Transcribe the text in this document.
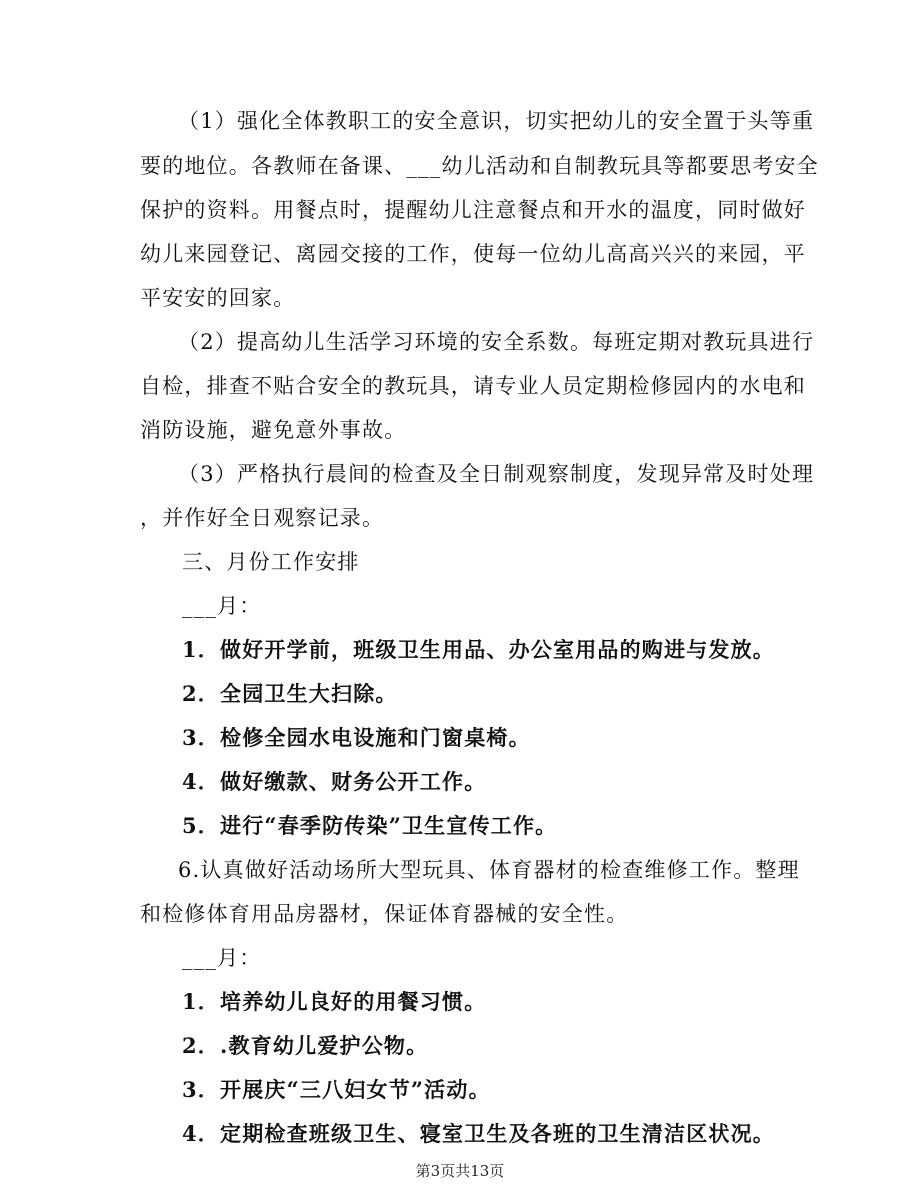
（1）强化全体教职工的安全意识，切实把幼儿的安全置于头等重
要的地位。各教师在备课、___幼儿活动和自制教玩具等都要思考安全
保护的资料。用餐点时，提醒幼儿注意餐点和开水的温度，同时做好
幼儿来园登记、离园交接的工作，使每一位幼儿高高兴兴的来园，平
平安安的回家。
（2）提高幼儿生活学习环境的安全系数。每班定期对教玩具进行
自检，排查不贴合安全的教玩具，请专业人员定期检修园内的水电和
消防设施，避免意外事故。
（3）严格执行晨间的检查及全日制观察制度，发现异常及时处理
，并作好全日观察记录。
三、月份工作安排
___月：
1．做好开学前，班级卫生用品、办公室用品的购进与发放。
2．全园卫生大扫除。
3．检修全园水电设施和门窗桌椅。
4．做好缴款、财务公开工作。
5．进行“春季防传染”卫生宣传工作。
6.认真做好活动场所大型玩具、体育器材的检查维修工作。整理
和检修体育用品房器材，保证体育器械的安全性。
___月：
1．培养幼儿良好的用餐习惯。
2．.教育幼儿爱护公物。
3．开展庆“三八妇女节”活动。
4．定期检查班级卫生、寝室卫生及各班的卫生清洁区状况。
第3页共13页
